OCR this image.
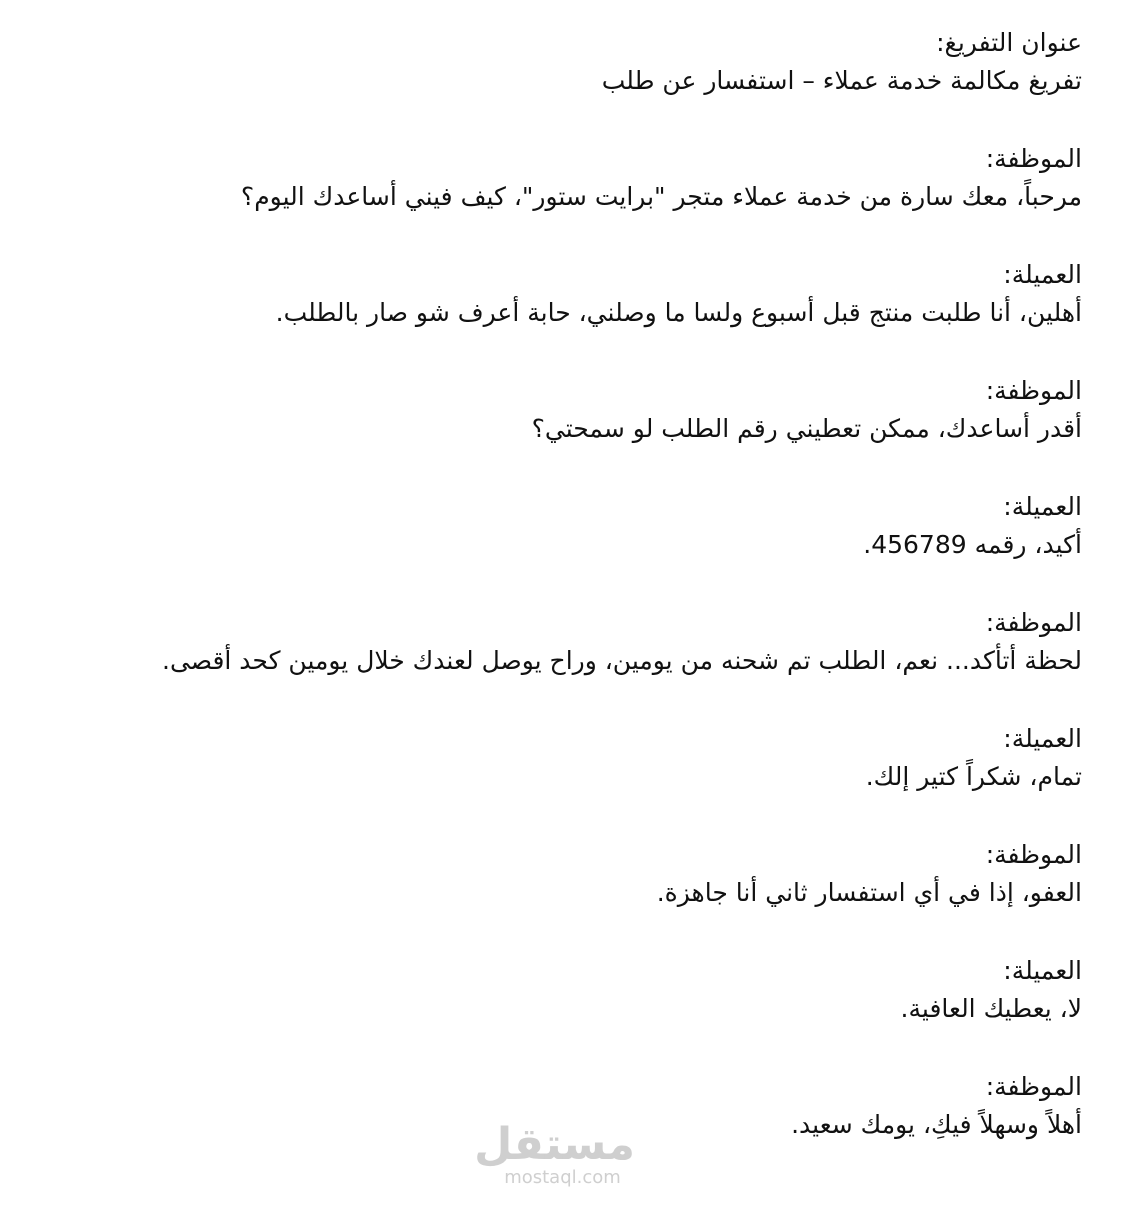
عنوان التفريغ:
تفريغ مكالمة خدمة عملاء – استفسار عن طلب
الموظفة:
مرحباً، معك سارة من خدمة عملاء متجر "برايت ستور"، كيف فيني أساعدك اليوم؟
العميلة:
أهلين، أنا طلبت منتج قبل أسبوع ولسا ما وصلني، حابة أعرف شو صار بالطلب.
الموظفة:
أقدر أساعدك، ممكن تعطيني رقم الطلب لو سمحتي؟
العميلة:
أكيد، رقمه 456789.
الموظفة:
لحظة أتأكد... نعم، الطلب تم شحنه من يومين، وراح يوصل لعندك خلال يومين كحد أقصى.
العميلة:
تمام، شكراً كتير إلك.
الموظفة:
العفو، إذا في أي استفسار ثاني أنا جاهزة.
العميلة:
لا، يعطيك العافية.
الموظفة:
أهلاً وسهلاً فيكِ، يومك سعيد.
مستقل
mostaql.com
